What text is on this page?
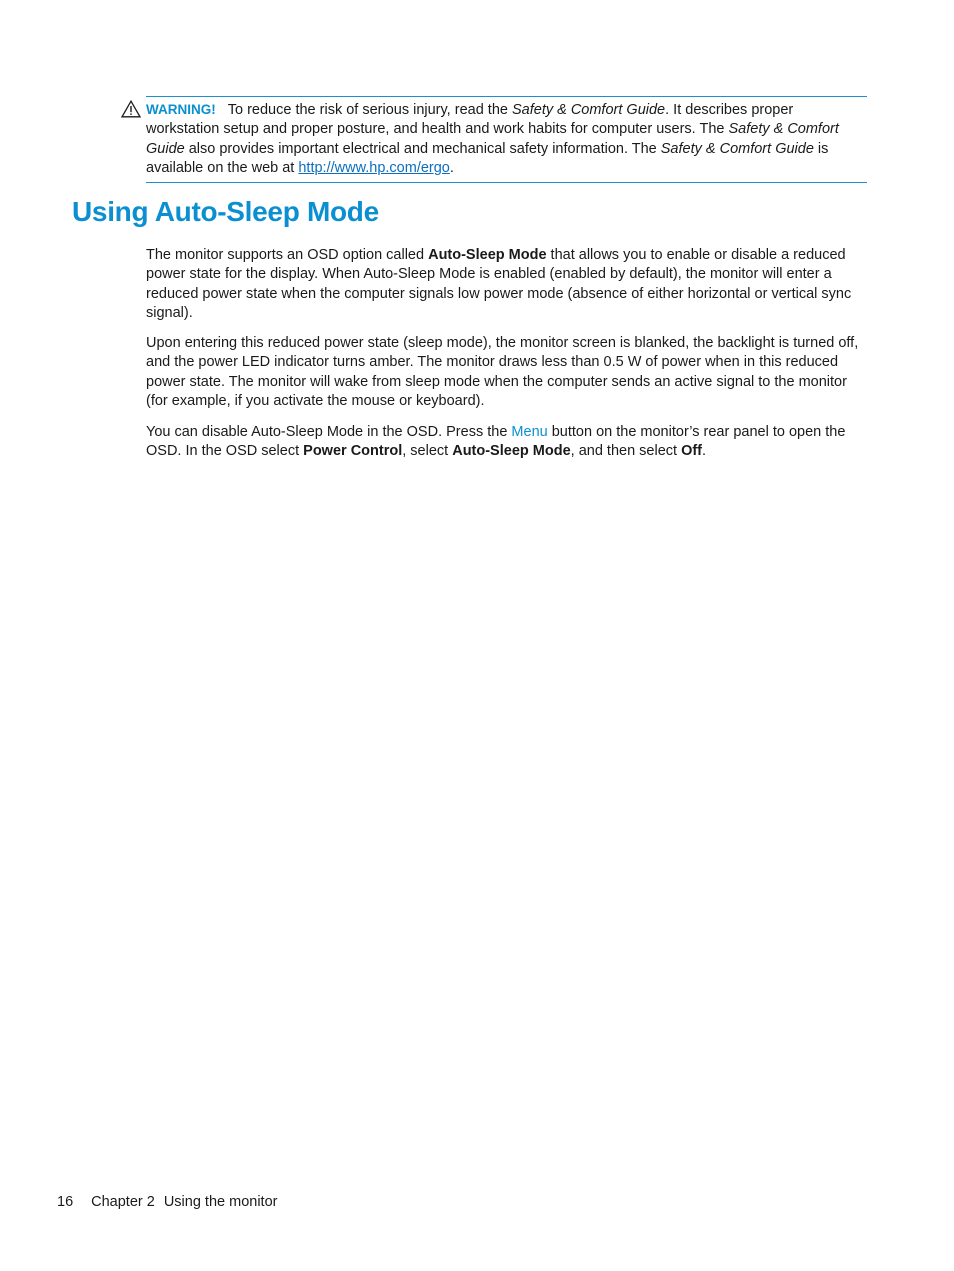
WARNING! To reduce the risk of serious injury, read the Safety & Comfort Guide. It describes proper workstation setup and proper posture, and health and work habits for computer users. The Safety & Comfort Guide also provides important electrical and mechanical safety information. The Safety & Comfort Guide is available on the web at http://www.hp.com/ergo.
Using Auto-Sleep Mode

The monitor supports an OSD option called Auto-Sleep Mode that allows you to enable or disable a reduced power state for the display. When Auto-Sleep Mode is enabled (enabled by default), the monitor will enter a reduced power state when the computer signals low power mode (absence of either horizontal or vertical sync signal).

Upon entering this reduced power state (sleep mode), the monitor screen is blanked, the backlight is turned off, and the power LED indicator turns amber. The monitor draws less than 0.5 W of power when in this reduced power state. The monitor will wake from sleep mode when the computer sends an active signal to the monitor (for example, if you activate the mouse or keyboard).

You can disable Auto-Sleep Mode in the OSD. Press the Menu button on the monitor’s rear panel to open the OSD. In the OSD select Power Control, select Auto-Sleep Mode, and then select Off.

16 Chapter 2 Using the monitor
